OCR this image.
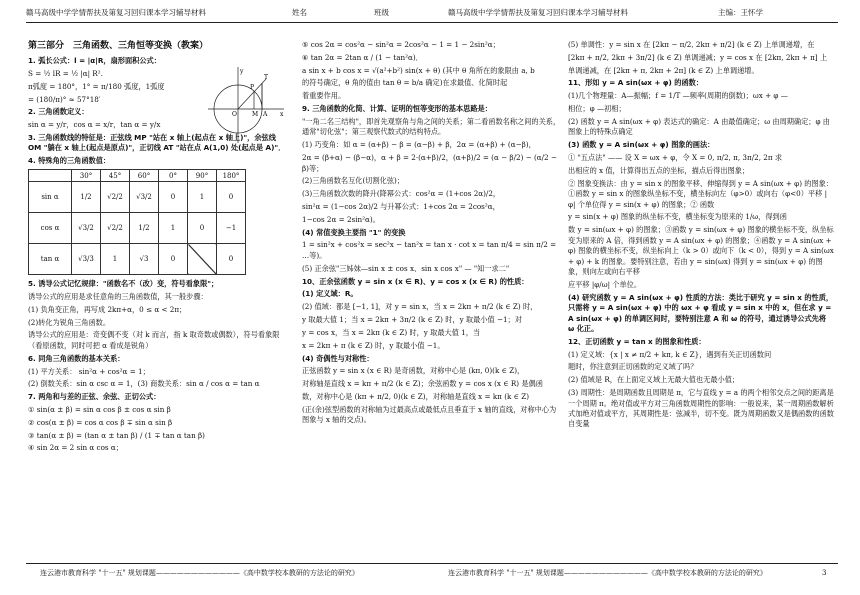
赣马高级中学学情帮扶及第复习回归课本学习辅导材料	姓名	班级	赣马高级中学学情帮扶及第复习回归课本学习辅导材料	主编：王怀学

第三部分　三角函数、三角恒等变换（教案）

1. 弧长公式：l = |α|R，扇形面积公式：

S = ½ lR = ½ |α| R².

π弧度 = 180°，1° = π/180 弧度，1弧度

= (180/π)° ≈ 57°18′

2. 三角函数定义：

sin α = y/r，cos α = x/r，tan α = y/x

y
T
P
O	M A x

3. 三角函数线的特征是：正弦线 MP "站在 x 轴上(起点在 x 轴上)"，余弦线 OM "躺在 x 轴上(起点是原点)"，正切线 AT "站在点 A(1,0) 处(起点是 A)"．

4. 特殊角的三角函数值：

	30°	45°	60°	0°	90°	180°
sin α	1/2	√2/2	√3/2	0	1	0
cos α	√3/2	√2/2	1/2	1	0	−1
tan α	√3/3	1	√3	0		0

5. 诱导公式记忆规律："函数名不（改）变，符号看象限"；

诱导公式的应用是求任意角的三角函数值，其一般步骤：

(1) 负角变正角，再写成 2kπ+α，0 ≤ α < 2π；

(2)转化为锐角三角函数。

诱导公式的应用是：奇变偶不变（对 k 而言，指 k 取奇数或偶数），符号看象限（看原函数，同时可把 α 看成是锐角）

6. 同角三角函数的基本关系：

(1) 平方关系： sin²α + cos²α = 1；

(2) 倒数关系：sin α csc α = 1，(3) 商数关系：sin α / cos α = tan α

7. 两角和与差的正弦、余弦、正切公式：

① sin(α ± β) = sin α cos β ± cos α sin β

② cos(α ± β) = cos α cos β ∓ sin α sin β

③ tan(α ± β) = (tan α ± tan β) / (1 ∓ tan α tan β)

④ sin 2α = 2 sin α cos α；

⑤ cos 2α = cos²α − sin²α = 2cos²α − 1 = 1 − 2sin²α；

⑥ tan 2α = 2tan α / (1 − tan²α)．

a sin x + b cos x = √(a²+b²) sin(x + θ) (其中 θ 角所在的象限由 a, b

的符号确定，θ 角的值由 tan θ = b/a 确定)在求最值、化简时起

着重要作用。

9. 三角函数的化简、计算、证明的恒等变形的基本思路是：

"一角二名三结构"，即首先观察角与角之间的关系；第二看函数名称之间的关系，通常"切化弦"；第三观察代数式的结构特点。

(1) 巧变角：如 α = (α+β) − β = (α−β) + β，2α = (α+β) + (α−β)，

2α = (β+α) − (β−α)，α + β = 2·(α+β)/2，(α+β)/2 = (α − β/2) − (α/2 − β)等；

(2)三角函数名互化(切割化弦)；

(3)三角函数次数的降升(降幂公式：cos²α = (1+cos 2α)/2，

sin²α = (1−cos 2α)/2 与升幂公式：1+cos 2α = 2cos²α，

1−cos 2α = 2sin²α)。

(4) 常值变换主要指 "1" 的变换

1 = sin²x + cos²x = sec²x − tan²x = tan x · cot x = tan π/4 = sin π/2 = …等)。

(5) 正余弦"三姊妹—sin x ± cos x、sin x cos x" — "知一求二"

10、正余弦函数 y = sin x (x ∈ R)、y = cos x (x ∈ R) 的性质：

(1) 定义域：R。

(2) 值域：都是 [−1, 1]，对 y = sin x，当 x = 2kπ + π/2 (k ∈ Z) 时，

y 取最大值 1；当 x = 2kπ + 3π/2 (k ∈ Z) 时，y 取最小值 −1；对

y = cos x，当 x = 2kπ (k ∈ Z) 时，y 取最大值 1，当

x = 2kπ + π (k ∈ Z) 时，y 取最小值 −1。

(4) 奇偶性与对称性：

正弦函数 y = sin x (x ∈ R) 是奇函数，对称中心是 (kπ, 0)(k ∈ Z)，

对称轴是直线 x = kπ + π/2 (k ∈ Z)；余弦函数 y = cos x (x ∈ R) 是偶函

数，对称中心是 (kπ + π/2, 0)(k ∈ Z)，对称轴是直线 x = kπ (k ∈ Z)

(正(余)弦型函数的对称轴为过最高点或最低点且垂直于 x 轴的直线，对称中心为图象与 x 轴的交点)。

(5) 单调性：y = sin x 在 [2kπ − π/2, 2kπ + π/2] (k ∈ Z) 上单调递增，在

[2kπ + π/2, 2kπ + 3π/2] (k ∈ Z) 单调递减；y = cos x 在 [2kπ, 2kπ + π] 上

单调递减，在 [2kπ + π, 2kπ + 2π] (k ∈ Z) 上单调递增。

11、形如 y = A sin(ωx + φ) 的函数：

(1)几个物理量：A—振幅；f = 1/T —频率(周期的倒数)；ωx + φ —

相位；φ —初相；

(2) 函数 y = A sin(ωx + φ) 表达式的确定：A 由最值确定；ω 由周期确定；φ 由图象上的特殊点确定

(3) 函数 y = A sin(ωx + φ) 图象的画法：

① "五点法" —— 设 X = ωx + φ，令 X = 0, π/2, π, 3π/2, 2π 求

出相应的 x 值，计算得出五点的坐标，描点后得出图象；

② 图象变换法：由 y = sin x 的图象平移、伸缩得到 y = A sin(ωx + φ) 的图象：①函数 y = sin x 的图象纵坐标不变，横坐标向左（φ>0）或向右（φ<0）平移 |φ| 个单位得 y = sin(x + φ) 的图象；② 函数

y = sin(x + φ) 图象的纵坐标不变，横坐标变为原来的 1/ω，得到函

数 y = sin(ωx + φ) 的图象；③函数 y = sin(ωx + φ) 图象的横坐标不变，纵坐标变为原来的 A 倍，得到函数 y = A sin(ωx + φ) 的图象；④函数 y = A sin(ωx + φ) 图象的横坐标不变，纵坐标向上（k > 0）或向下（k < 0），得到 y = A sin(ωx + φ) + k 的图象。要特别注意，若由 y = sin(ωx) 得到 y = sin(ωx + φ) 的图象，则向左或向右平移

应平移 |φ/ω| 个单位。

(4) 研究函数 y = A sin(ωx + φ) 性质的方法：类比于研究 y = sin x 的性质，只需将 y = A sin(ωx + φ) 中的 ωx + φ 看成 y = sin x 中的 x，但在求 y = A sin(ωx + φ) 的单调区间时，要特别注意 A 和 ω 的符号，通过诱导公式先将 ω 化正。

12、正切函数 y = tan x 的图象和性质：

(1) 定义域：{x | x ≠ π/2 + kπ, k ∈ Z}，遇到有关正切函数问

题时，你注意到正切函数的定义域了吗？

(2) 值域是 R，在上面定义域上无最大值也无最小值；

(3) 周期性：是周期函数且周期是 π，它与直线 y = a 的两个相邻交点之间的距离是一个周期 π。绝对值或平方对三角函数周期性的影响：一般说来，某一周期函数解析式加绝对值或平方，其周期性是：弦减半，切不变。既为周期函数又是偶函数的函数自变量

连云港市教育科学 "十一五" 规划课题————————————《高中数学校本教研的方法论的研究》	连云港市教育科学 "十一五" 规划课题————————————《高中数学校本教研的方法论的研究》	3
